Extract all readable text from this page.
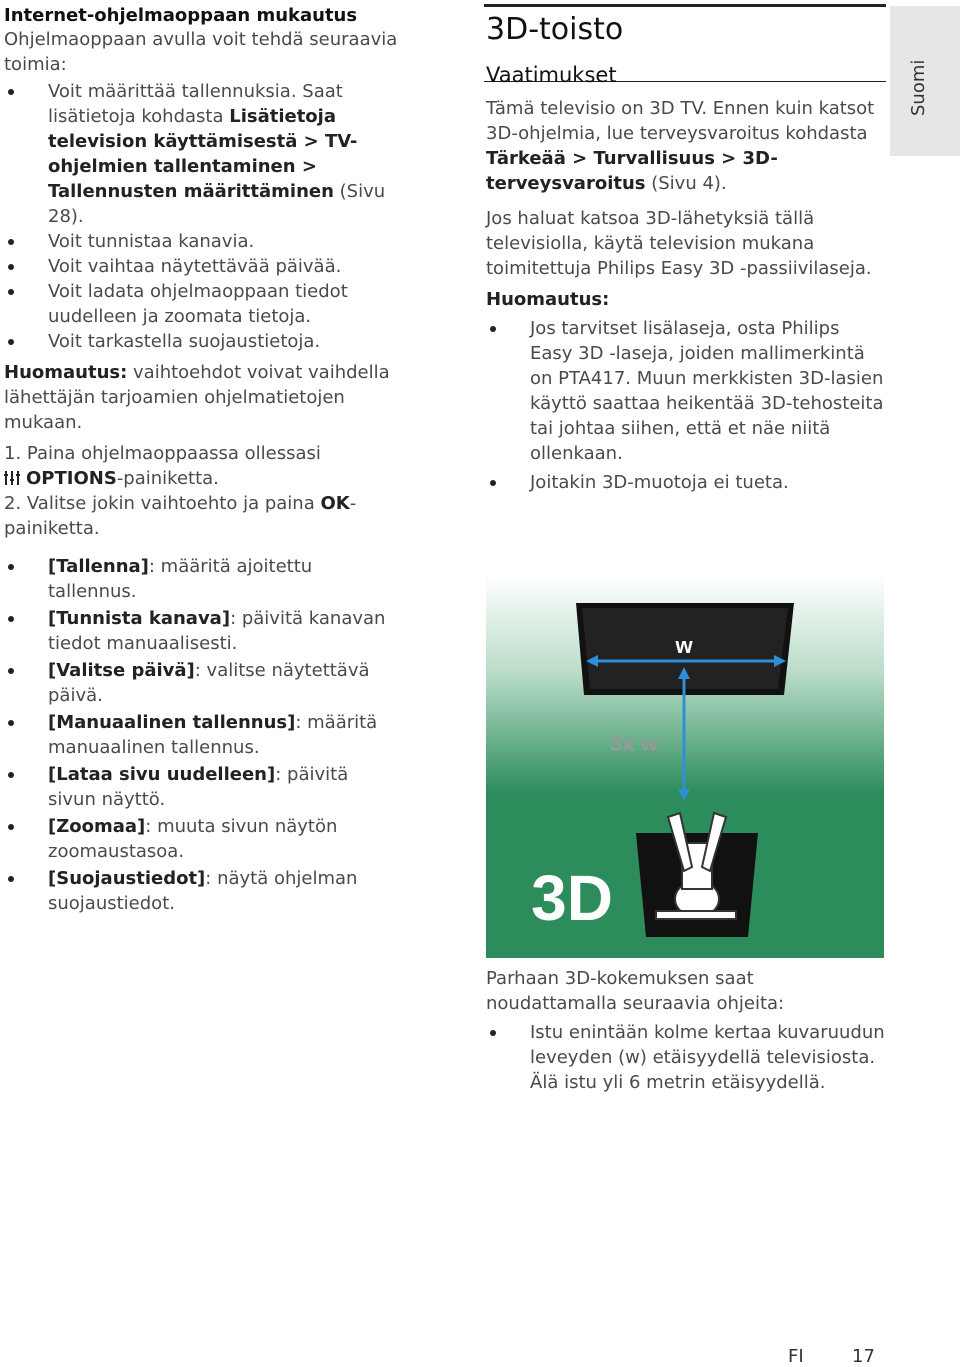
Internet-ohjelmaoppaan mukautus

Ohjelmaoppaan avulla voit tehdä seuraavia toimia:

Voit määrittää tallennuksia. Saat lisätietoja kohdasta Lisätietoja television käyttämisestä > TV-ohjelmien tallentaminen > Tallennusten määrittäminen (Sivu 28).
Voit tunnistaa kanavia.
Voit vaihtaa näytettävää päivää.
Voit ladata ohjelmaoppaan tiedot uudelleen ja zoomata tietoja.
Voit tarkastella suojaustietoja.

Huomautus: vaihtoehdot voivat vaihdella lähettäjän tarjoamien ohjelmatietojen mukaan.

1. Paina ohjelmaoppaassa ollessasi
OPTIONS-painiketta.

2. Valitse jokin vaihtoehto ja paina OK-painiketta.

[Tallenna]: määritä ajoitettu tallennus.
[Tunnista kanava]: päivitä kanavan tiedot manuaalisesti.
[Valitse päivä]: valitse näytettävä päivä.
[Manuaalinen tallennus]: määritä manuaalinen tallennus.
[Lataa sivu uudelleen]: päivitä sivun näyttö.
[Zoomaa]: muuta sivun näytön zoomaustasoa.
[Suojaustiedot]: näytä ohjelman suojaustiedot.
3D-toisto
Vaatimukset

Tämä televisio on 3D TV. Ennen kuin katsot 3D-ohjelmia, lue terveysvaroitus kohdasta Tärkeää > Turvallisuus > 3D-terveysvaroitus (Sivu 4).

Jos haluat katsoa 3D-lähetyksiä tällä televisiolla, käytä television mukana toimitettuja Philips Easy 3D -passiivilaseja.

Huomautus:
Jos tarvitset lisälaseja, osta Philips Easy 3D -laseja, joiden mallimerkintä on PTA417. Muun merkkisten 3D-lasien käyttö saattaa heikentää 3D-tehosteita tai johtaa siihen, että et näe niitä ollenkaan.
Joitakin 3D-muotoja ei tueta.
w
3x w
3D

Parhaan 3D-kokemuksen saat noudattamalla seuraavia ohjeita:

Istu enintään kolme kertaa kuvaruudun leveyden (w) etäisyydellä televisiosta. Älä istu yli 6 metrin etäisyydellä.
Suomi
FI	17
